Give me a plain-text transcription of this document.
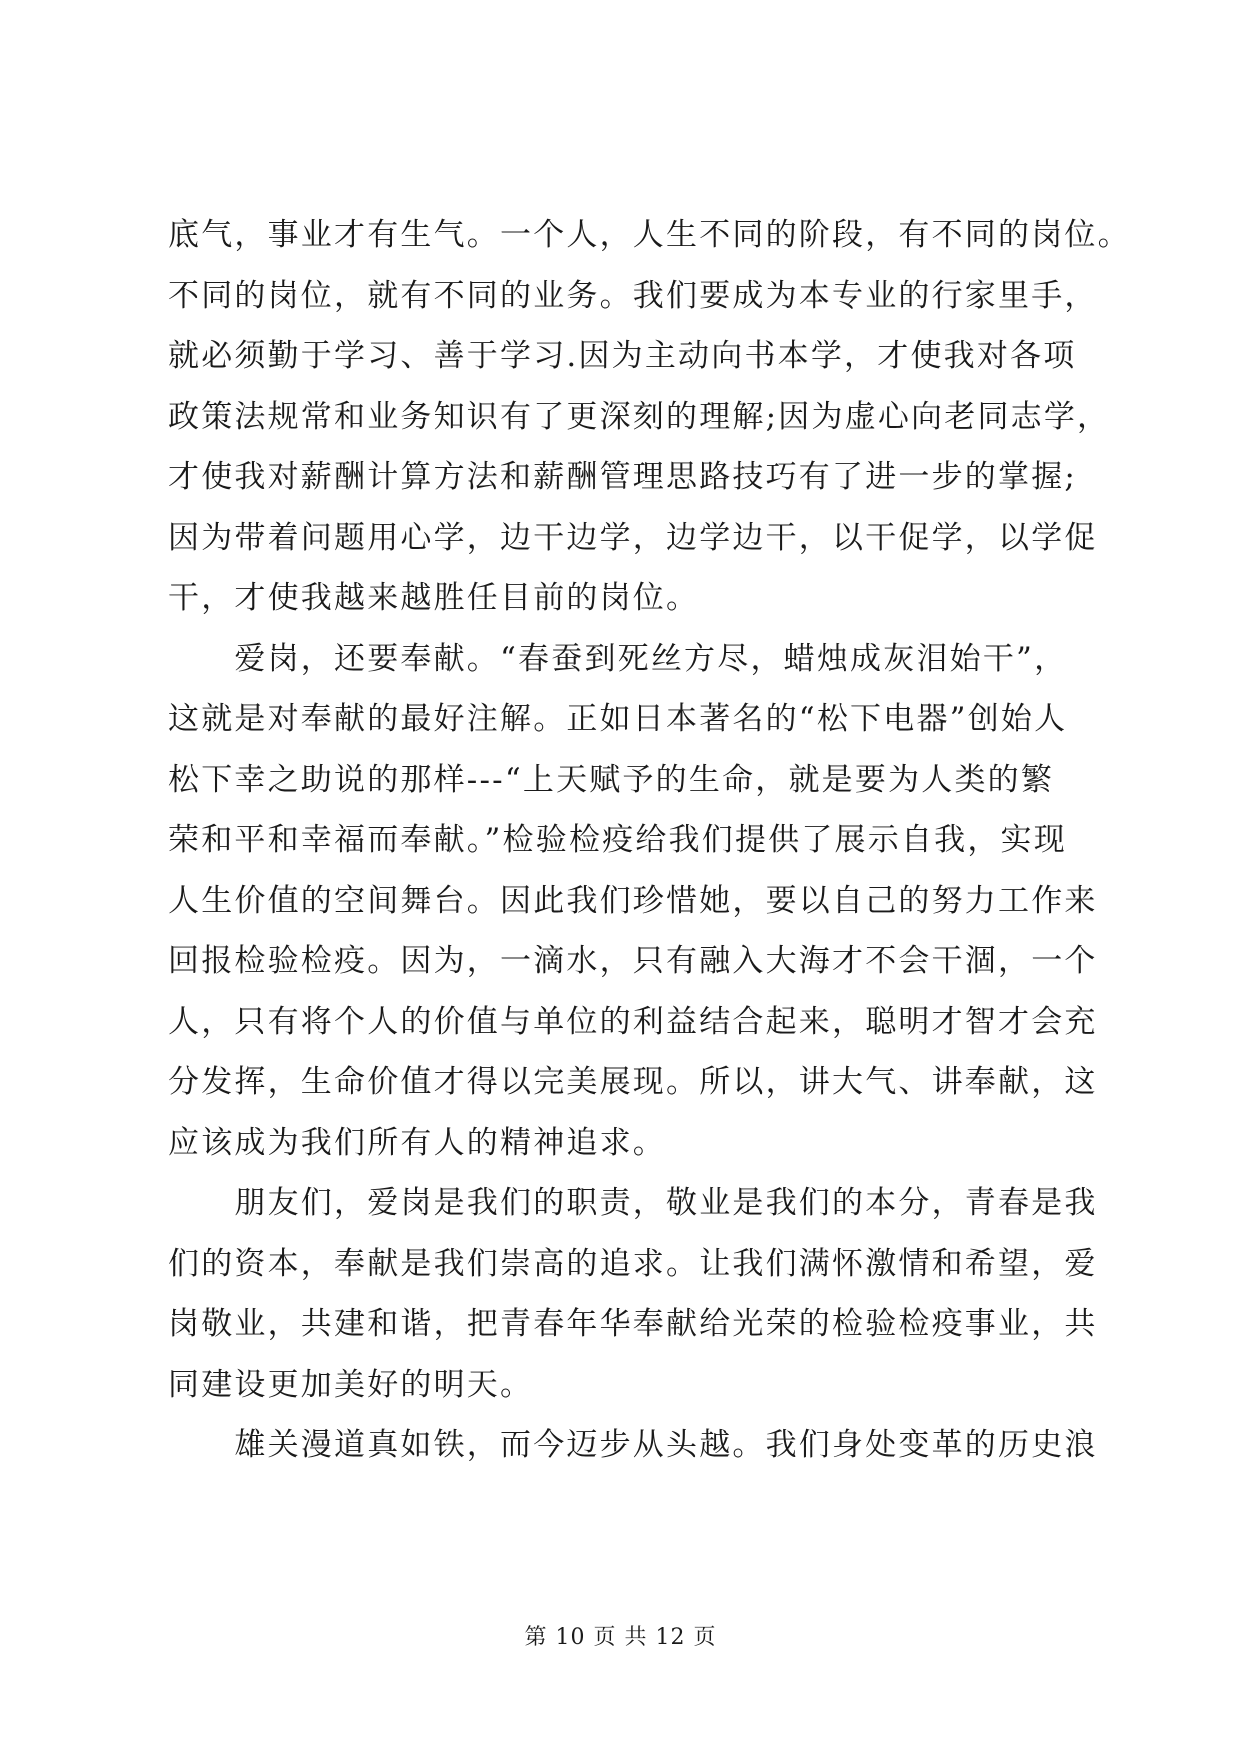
底气，事业才有生气。一个人，人生不同的阶段，有不同的岗位。
不同的岗位，就有不同的业务。我们要成为本专业的行家里手，
就必须勤于学习、善于学习.因为主动向书本学，才使我对各项
政策法规常和业务知识有了更深刻的理解;因为虚心向老同志学，
才使我对薪酬计算方法和薪酬管理思路技巧有了进一步的掌握;
因为带着问题用心学，边干边学，边学边干，以干促学，以学促
干，才使我越来越胜任目前的岗位。
　　爱岗，还要奉献。“春蚕到死丝方尽，蜡烛成灰泪始干”，
这就是对奉献的最好注解。正如日本著名的“松下电器”创始人
松下幸之助说的那样---“上天赋予的生命，就是要为人类的繁
荣和平和幸福而奉献。”检验检疫给我们提供了展示自我，实现
人生价值的空间舞台。因此我们珍惜她，要以自己的努力工作来
回报检验检疫。因为，一滴水，只有融入大海才不会干涸，一个
人，只有将个人的价值与单位的利益结合起来，聪明才智才会充
分发挥，生命价值才得以完美展现。所以，讲大气、讲奉献，这
应该成为我们所有人的精神追求。
　　朋友们，爱岗是我们的职责，敬业是我们的本分，青春是我
们的资本，奉献是我们崇高的追求。让我们满怀激情和希望，爱
岗敬业，共建和谐，把青春年华奉献给光荣的检验检疫事业，共
同建设更加美好的明天。
　　雄关漫道真如铁，而今迈步从头越。我们身处变革的历史浪
第 10 页 共 12 页
